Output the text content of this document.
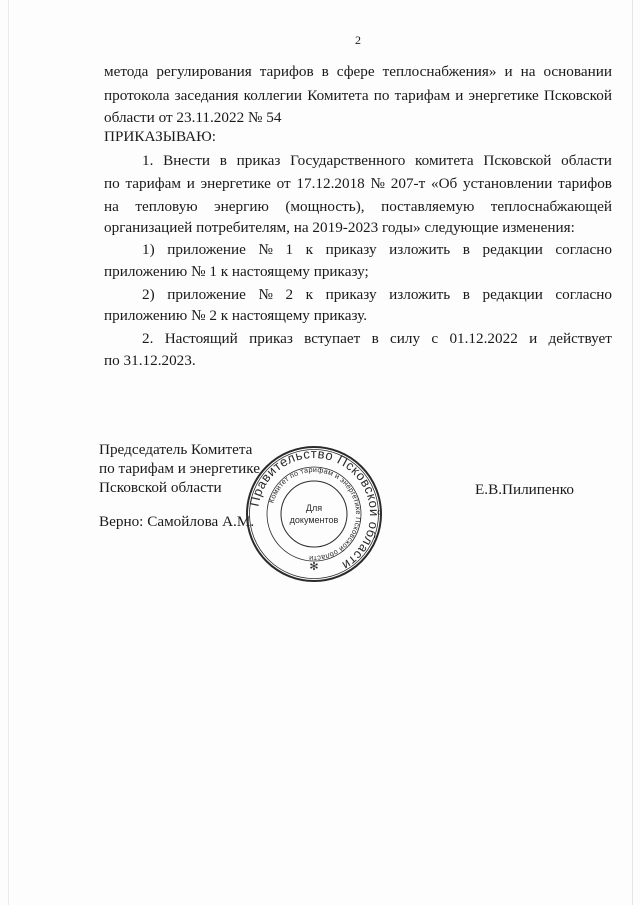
2
метода регулирования тарифов в сфере теплоснабжения» и на основании
протокола заседания коллегии Комитета по тарифам и энергетике Псковской
области от 23.11.2022 № 54
ПРИКАЗЫВАЮ:
1. Внести в приказ Государственного комитета Псковской области
по тарифам и энергетике от 17.12.2018 № 207-т «Об установлении тарифов
на тепловую энергию (мощность), поставляемую теплоснабжающей
организацией потребителям, на 2019-2023 годы» следующие изменения:
1) приложение № 1 к приказу изложить в редакции согласно
приложению № 1 к настоящему приказу;
2) приложение № 2 к приказу изложить в редакции согласно
приложению № 2 к настоящему приказу.
2. Настоящий приказ вступает в силу с 01.12.2022 и действует
по 31.12.2023.
Председатель Комитета
по тарифам и энергетике
Псковской области	Е.В.Пилипенко
Верно: Самойлова А.М.
Правительство Псковской области
Комитет по тарифам и энергетике Псковской области
Для
документов
✻
